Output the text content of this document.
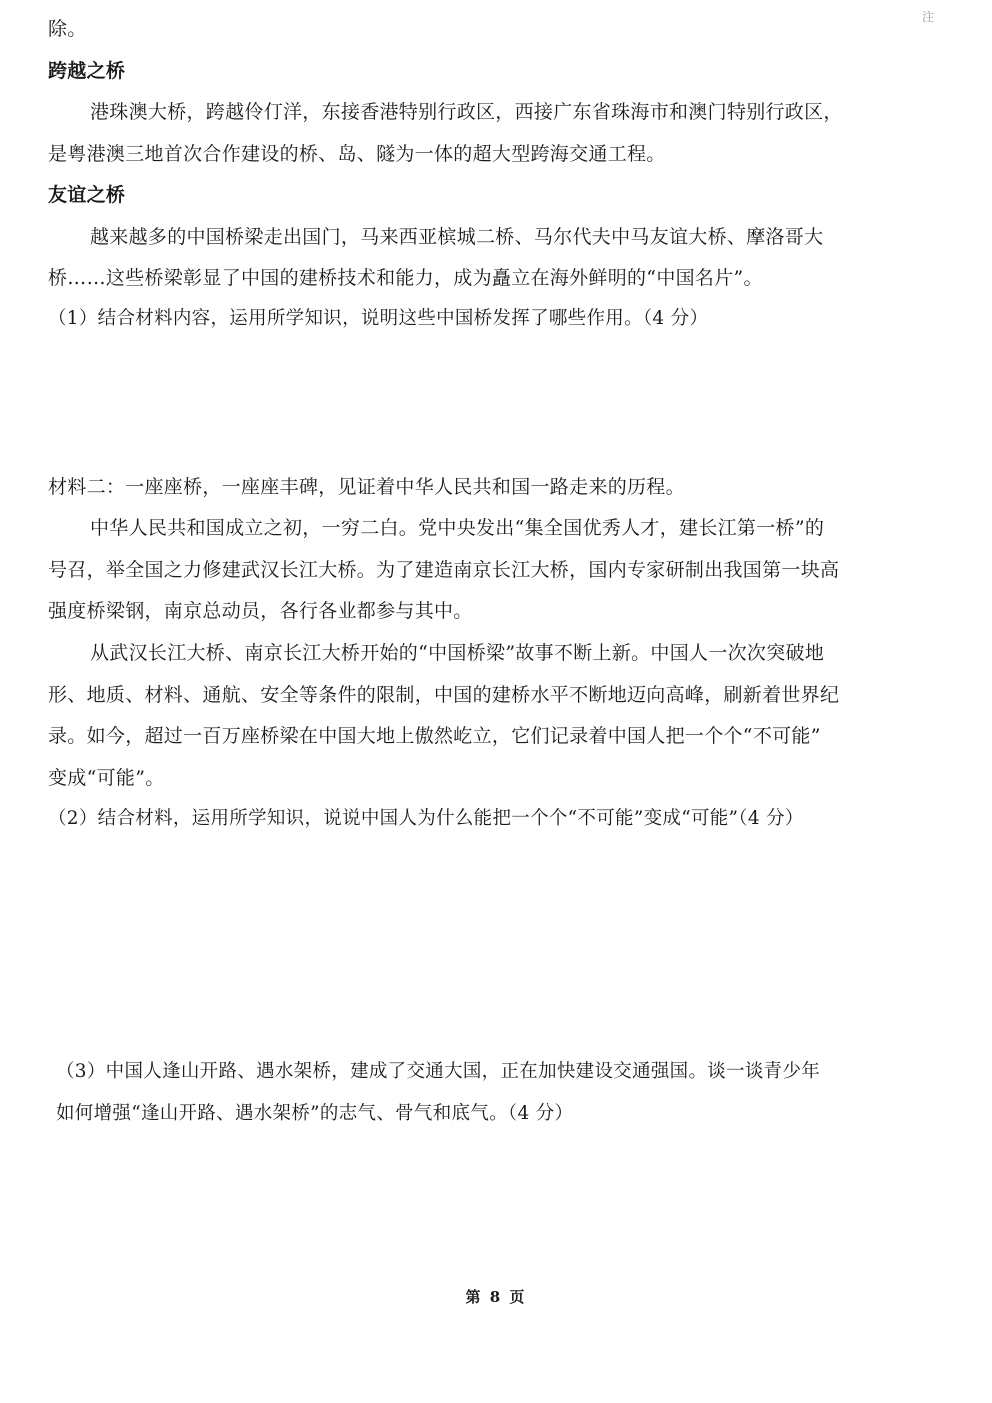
注
除。
跨越之桥
港珠澳大桥，跨越伶仃洋，东接香港特别行政区，西接广东省珠海市和澳门特别行政区，
是粤港澳三地首次合作建设的桥、岛、隧为一体的超大型跨海交通工程。
友谊之桥
越来越多的中国桥梁走出国门，马来西亚槟城二桥、马尔代夫中马友谊大桥、摩洛哥大
桥……这些桥梁彰显了中国的建桥技术和能力，成为矗立在海外鲜明的“中国名片”。
（1）结合材料内容，运用所学知识，说明这些中国桥发挥了哪些作用。（4 分）
材料二：一座座桥，一座座丰碑，见证着中华人民共和国一路走来的历程。
中华人民共和国成立之初，一穷二白。党中央发出“集全国优秀人才，建长江第一桥”的
号召，举全国之力修建武汉长江大桥。为了建造南京长江大桥，国内专家研制出我国第一块高
强度桥梁钢，南京总动员，各行各业都参与其中。
从武汉长江大桥、南京长江大桥开始的“中国桥梁”故事不断上新。中国人一次次突破地
形、地质、材料、通航、安全等条件的限制，中国的建桥水平不断地迈向高峰，刷新着世界纪
录。如今，超过一百万座桥梁在中国大地上傲然屹立，它们记录着中国人把一个个“不可能”
变成“可能”。
（2）结合材料，运用所学知识，说说中国人为什么能把一个个“不可能”变成“可能”（4 分）
（3）中国人逢山开路、遇水架桥，建成了交通大国，正在加快建设交通强国。谈一谈青少年
如何增强“逢山开路、遇水架桥”的志气、骨气和底气。（4 分）
第 8 页
